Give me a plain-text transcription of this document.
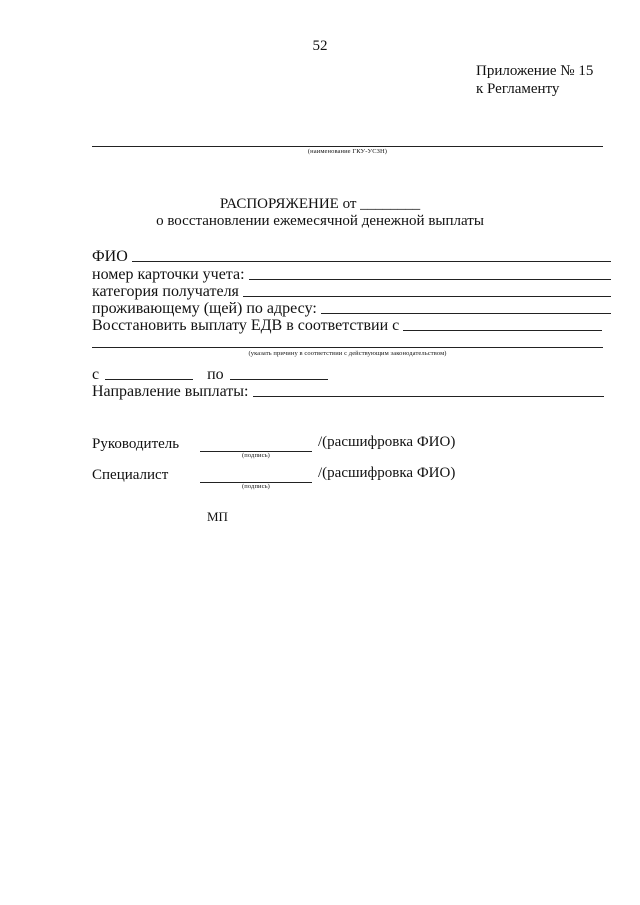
52
Приложение № 15
к Регламенту
(наименование ГКУ-УСЗН)
РАСПОРЯЖЕНИЕ от ________
о восстановлении ежемесячной денежной выплаты
ФИО
номер карточки учета:
категория получателя
проживающему (щей) по адресу:
Восстановить выплату ЕДВ в соответствии с
(указать причину в соответствии с действующим законодательством)
с	по
Направление выплаты:
Руководитель
(подпись)
/(расшифровка ФИО)
Специалист
(подпись)
/(расшифровка ФИО)
МП
